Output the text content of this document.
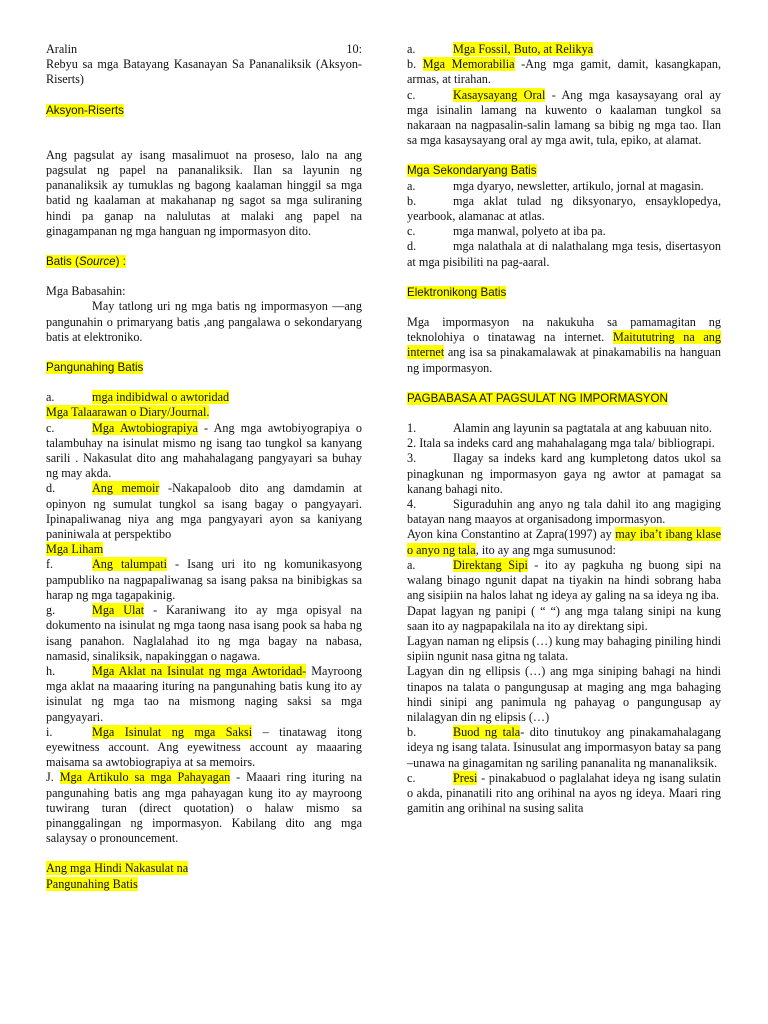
Aralin	10:

Rebyu sa mga Batayang Kasanayan Sa Pananaliksik (Aksyon-Riserts)

Aksyon-Riserts

Ang pagsulat ay isang masalimuot na proseso, lalo na ang pagsulat ng papel na pananaliksik. Ilan sa layunin ng pananaliksik ay tumuklas ng bagong kaalaman hinggil sa mga batid ng kaalaman at makahanap ng sagot sa mga suliraning hindi pa ganap na nalulutas at malaki ang papel na ginagampanan ng mga hanguan ng impormasyon dito.

Batis (Source) :

Mga Babasahin:

May tatlong uri ng mga batis ng impormasyon —ang pangunahin o primaryang batis ,ang pangalawa o sekondaryang batis at elektroniko.

Pangunahing Batis

a.	mga indibidwal o awtoridad

Mga Talaarawan o Diary/Journal.

c.	Mga Awtobiograpiya - Ang mga awtobiyograpiya o talambuhay na isinulat mismo ng isang tao tungkol sa kanyang sarili . Nakasulat dito ang mahahalagang pangyayari sa buhay ng may akda.

d.	Ang memoir -Nakapaloob dito ang damdamin at opinyon ng sumulat tungkol sa isang bagay o pangyayari. Ipinapaliwanag niya ang mga pangyayari ayon sa kaniyang paniniwala at perspektibo

Mga Liham

f.	Ang talumpati - Isang uri ito ng komunikasyong pampubliko na nagpapaliwanag sa isang paksa na binibigkas sa harap ng mga tagapakinig.

g.	Mga Ulat - Karaniwang ito ay mga opisyal na dokumento na isinulat ng mga taong nasa isang pook sa haba ng isang panahon. Naglalahad ito ng mga bagay na nabasa, namasid, sinaliksik, napakinggan o nagawa.

h.	Mga Aklat na Isinulat ng mga Awtoridad- Mayroong mga aklat na maaaring ituring na pangunahing batis kung ito ay isinulat ng mga tao na mismong naging saksi sa mga pangyayari.

i.	Mga Isinulat ng mga Saksi – tinatawag itong eyewitness account. Ang eyewitness account ay maaaring maisama sa awtobiograpiya at sa memoirs.

J. Mga Artikulo sa mga Pahayagan - Maaari ring ituring na pangunahing batis ang mga pahayagan kung ito ay mayroong tuwirang turan (direct quotation) o halaw mismo sa pinanggalingan ng impormasyon. Kabilang dito ang mga salaysay o pronouncement.

Ang mga Hindi Nakasulat na

Pangunahing Batis

a.	Mga Fossil, Buto, at Relikya

b. Mga Memorabilia -Ang mga gamit, damit, kasangkapan, armas, at tirahan.

c.	Kasaysayang Oral - Ang mga kasaysayang oral ay mga isinalin lamang na kuwento o kaalaman tungkol sa nakaraan na nagpasalin-salin lamang sa bibig ng mga tao. Ilan sa mga kasaysayang oral ay mga awit, tula, epiko, at alamat.

Mga Sekondaryang Batis

a.	mga dyaryo, newsletter, artikulo, jornal at magasin.

b.	mga aklat tulad ng diksyonaryo, ensayklopedya, yearbook, alamanac at atlas.

c.	mga manwal, polyeto at iba pa.

d.	mga nalathala at di nalathalang mga tesis, disertasyon at mga pisibiliti na pag-aaral.

Elektronikong Batis

Mga impormasyon na nakukuha sa pamamagitan ng teknolohiya o tinatawag na internet. Maitututring na ang internet ang isa sa pinakamalawak at pinakamabilis na hanguan ng impormasyon.

PAGBABASA AT PAGSULAT NG IMPORMASYON

1.	Alamin ang layunin sa pagtatala at ang kabuuan nito.

2. Itala sa indeks card ang mahahalagang mga tala/ bibliograpi.

3.	Ilagay sa indeks kard ang kumpletong datos ukol sa pinagkunan ng impormasyon gaya ng awtor at pamagat sa kanang bahagi nito.

4.	Siguraduhin ang anyo ng tala dahil ito ang magiging batayan nang maayos at organisadong impormasyon.

Ayon kina Constantino at Zapra(1997) ay may iba’t ibang klase o anyo ng tala, ito ay ang mga sumusunod:

a.	Direktang Sipi - ito ay pagkuha ng buong sipi na walang binago ngunit dapat na tiyakin na hindi sobrang haba ang sisipiin na halos lahat ng ideya ay galing na sa ideya ng iba.

Dapat lagyan ng panipi ( “ “) ang mga talang sinipi na kung saan ito ay nagpapakilala na ito ay direktang sipi.

Lagyan naman ng elipsis (…) kung may bahaging piniling hindi sipiin ngunit nasa gitna ng talata.

Lagyan din ng ellipsis (…) ang mga siniping bahagi na hindi tinapos na talata o pangungusap at maging ang mga bahaging hindi sinipi ang panimula ng pahayag o pangungusap ay nilalagyan din ng elipsis (…)

b.	Buod ng tala- dito tinutukoy ang pinakamahalagang ideya ng isang talata. Isinusulat ang impormasyon batay sa pang –unawa na ginagamitan ng sariling pananalita ng mananaliksik.

c.	Presi - pinakabuod o paglalahat ideya ng isang sulatin o akda, pinanatili rito ang orihinal na ayos ng ideya. Maari ring gamitin ang orihinal na susing salita
